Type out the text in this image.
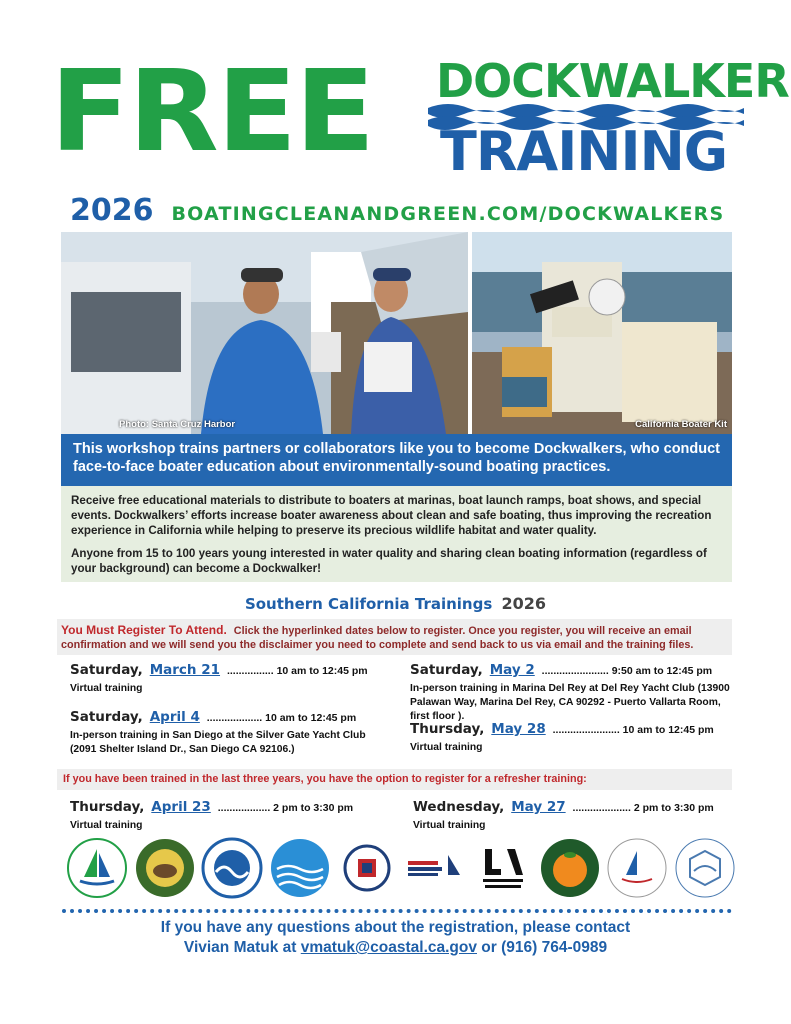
FREE DOCKWALKER
TRAINING
2026 BOATINGCLEANANDGREEN.COM/DOCKWALKERS
Photo: Santa Cruz Harbor	California Boater Kit
This workshop trains partners or collaborators like you to become Dockwalkers, who conduct face-to-face boater education about environmentally-sound boating practices.

Receive free educational materials to distribute to boaters at marinas, boat launch ramps, boat shows, and special events. Dockwalkers’ efforts increase boater awareness about clean and safe boating, thus improving the recreation experience in California while helping to preserve its precious wildlife habitat and water quality.

Anyone from 15 to 100 years young interested in water quality and sharing clean boating information (regardless of your background) can become a Dockwalker!

Southern California Trainings 2026
You Must Register To Attend. Click the hyperlinked dates below to register. Once you register, you will receive an email confirmation and we will send you the disclaimer you need to complete and send back to us via email and the training files.
Saturday, March 21 ................ 10 am to 12:45 pm
Virtual training
Saturday, April 4 ................... 10 am to 12:45 pm
In-person training in San Diego at the Silver Gate Yacht Club (2091 Shelter Island Dr., San Diego CA 92106.)
Saturday, May 2 ....................... 9:50 am to 12:45 pm
In-person training in Marina Del Rey at Del Rey Yacht Club (13900 Palawan Way, Marina Del Rey, CA 90292 - Puerto Vallarta Room, first floor ).
Thursday, May 28 ....................... 10 am to 12:45 pm
Virtual training
If you have been trained in the last three years, you have the option to register for a refresher training:
Thursday, April 23 .................. 2 pm to 3:30 pm
Virtual training
Wednesday, May 27 .................... 2 pm to 3:30 pm
Virtual training
If you have any questions about the registration, please contact
Vivian Matuk at vmatuk@coastal.ca.gov or (916) 764-0989
